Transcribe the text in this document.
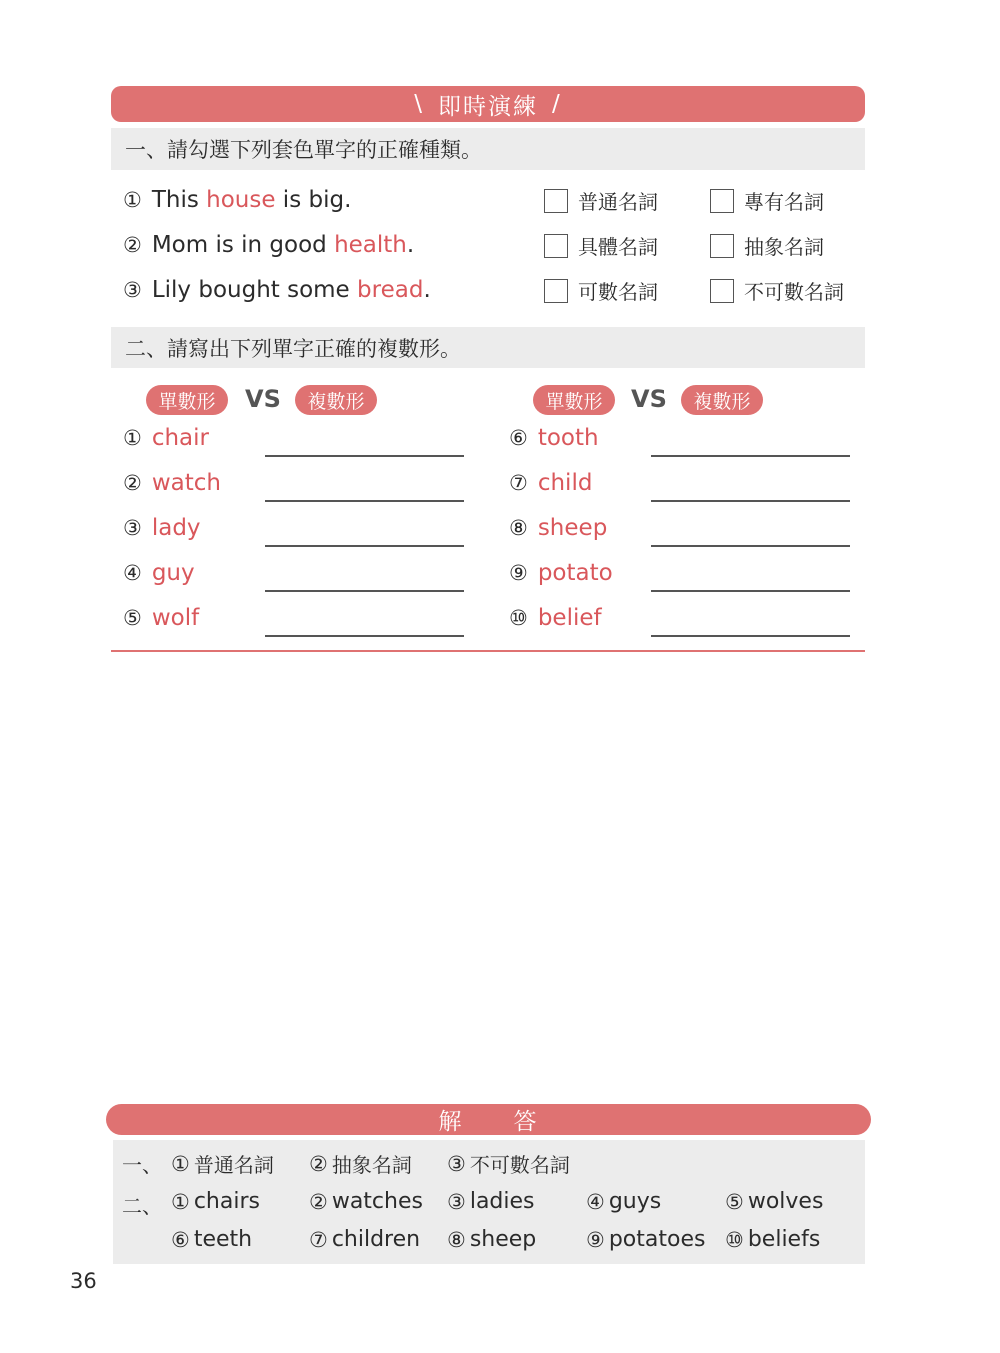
\ 即時演練 /
一、請勾選下列套色單字的正確種類。
① This house is big.	普通名詞	專有名詞
② Mom is in good health .	具體名詞	抽象名詞
③ Lily bought some bread .	可數名詞	不可數名詞
二、請寫出下列單字正確的複數形。
單數形	VS	複數形	單數形	VS	複數形
① chair
② watch
③ lady
④ guy
⑤ wolf
⑥ tooth
⑦ child
⑧ sheep
⑨ potato
⑩ belief
解　　答
一、 ① 普通名詞 ② 抽象名詞 ③ 不可數名詞
二、 ① chairs ② watches ③ ladies ④ guys	⑤ wolves
⑥ teeth	⑦ children ⑧ sheep ⑨ potatoes ⑩ beliefs
36
